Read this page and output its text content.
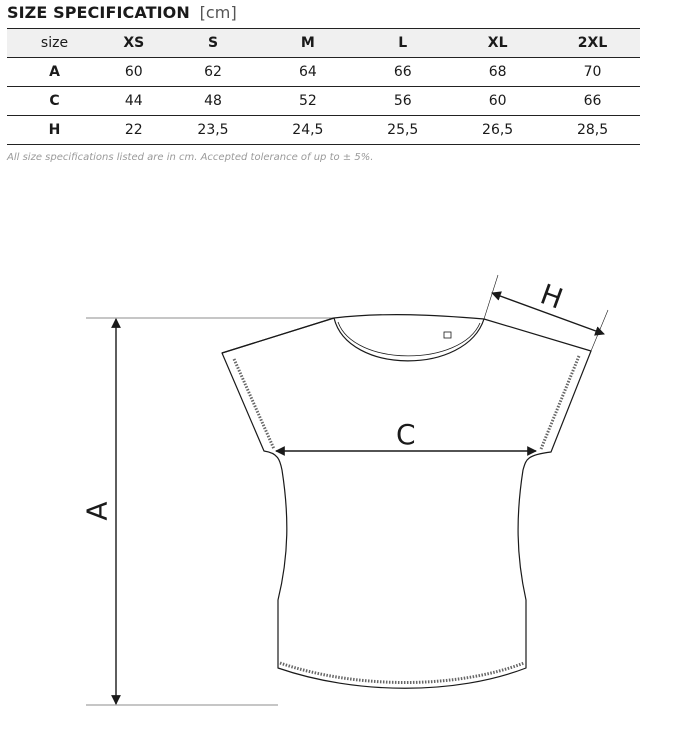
SIZE SPECIFICATION [cm]
size	XS	S	M	L	XL	2XL
A	60	62	64	66	68	70
C	44	48	52	56	60	66
H	22	23,5	24,5	25,5	26,5	28,5
All size specifications listed are in cm. Accepted tolerance of up to ± 5%.
A
C
H
